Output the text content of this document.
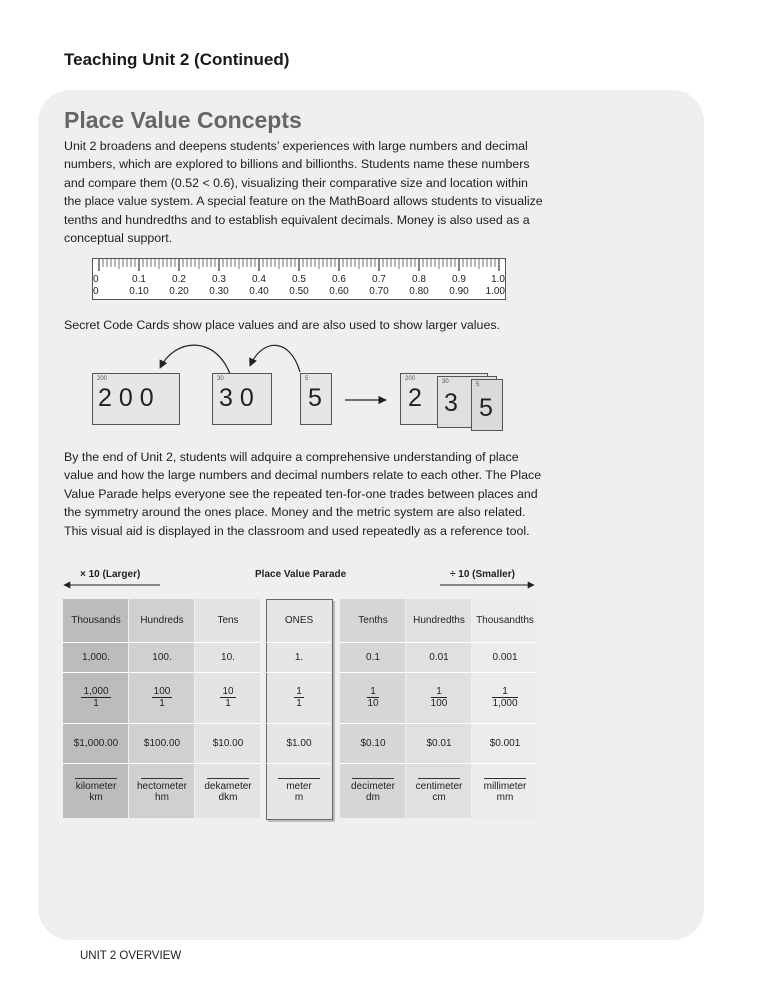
Teaching Unit 2 (Continued)
Place Value Concepts
Unit 2 broadens and deepens students’ experiences with large numbers and decimal numbers, which are explored to billions and billionths. Students name these numbers and compare them (0.52 < 0.6), visualizing their comparative size and location within the place value system. A special feature on the MathBoard allows students to visualize tenths and hundredths and to establish equivalent decimals. Money is also used as a conceptual support.
0
0
0.1
0.10
0.2
0.20
0.3
0.30
0.4
0.40
0.5
0.50
0.6
0.60
0.7
0.70
0.8
0.80
0.9
0.90
1.0
1.00
Secret Code Cards show place values and are also used to show larger values.
200
2 0 0
30
3 0
5
5
200
2
30
3
5
5
By the end of Unit 2, students will adquire a comprehensive understanding of place value and how the large numbers and decimal numbers relate to each other. The Place Value Parade helps everyone see the repeated ten-for-one trades between places and the symmetry around the ones place. Money and the metric system are also related. This visual aid is displayed in the classroom and used repeatedly as a reference tool.
× 10 (Larger)	Place Value Parade	÷ 10 (Smaller)
Thousands
1,000.
$\frac{1,000}{1}$
$1,000.00
kilometer
km
Hundreds
100.
$\frac{100}{1}$
$100.00
hectometer
hm
Tens
10.
$\frac{10}{1}$
$10.00
dekameter
dkm
ONES
1.
$\frac{1}{1}$
$1.00
meter
m
Tenths
0.1
$\frac{1}{10}$
$0.10
decimeter
dm
Hundredths
0.01
$\frac{1}{100}$
$0.01
centimeter
cm
Thousandths
0.001
$\frac{1}{1,000}$
$0.001
millimeter
mm
UNIT 2 OVERVIEW
